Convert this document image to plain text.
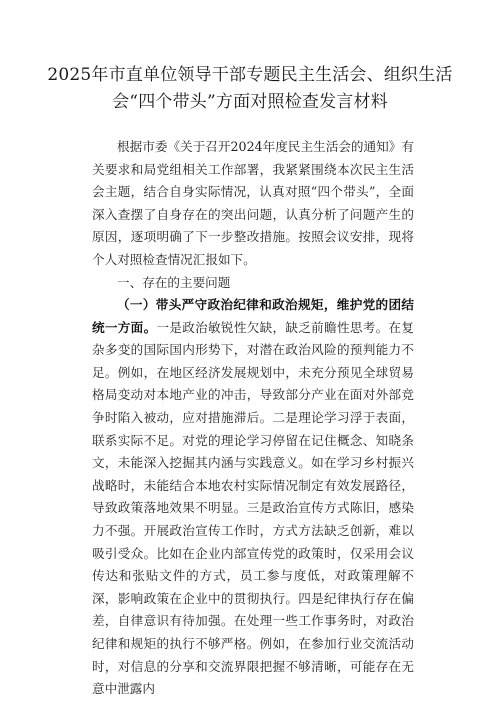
2025年市直单位领导干部专题民主生活会、组织生活
会“四个带头”方面对照检查发言材料

根据市委《关于召开2024年度民主生活会的通知》有关要求和局党组相关工作部署，我紧紧围绕本次民主生活会主题，结合自身实际情况，认真对照“四个带头”，全面深入查摆了自身存在的突出问题，认真分析了问题产生的原因，逐项明确了下一步整改措施。按照会议安排，现将个人对照检查情况汇报如下。

一、存在的主要问题

（一）带头严守政治纪律和政治规矩，维护党的团结统一方面。一是政治敏锐性欠缺，缺乏前瞻性思考。在复杂多变的国际国内形势下，对潜在政治风险的预判能力不足。例如，在地区经济发展规划中，未充分预见全球贸易格局变动对本地产业的冲击，导致部分产业在面对外部竞争时陷入被动，应对措施滞后。二是理论学习浮于表面，联系实际不足。对党的理论学习停留在记住概念、知晓条文，未能深入挖掘其内涵与实践意义。如在学习乡村振兴战略时，未能结合本地农村实际情况制定有效发展路径，导致政策落地效果不明显。三是政治宣传方式陈旧，感染力不强。开展政治宣传工作时，方式方法缺乏创新，难以吸引受众。比如在企业内部宣传党的政策时，仅采用会议传达和张贴文件的方式，员工参与度低，对政策理解不深，影响政策在企业中的贯彻执行。四是纪律执行存在偏差，自律意识有待加强。在处理一些工作事务时，对政治纪律和规矩的执行不够严格。例如，在参加行业交流活动时，对信息的分享和交流界限把握不够清晰，可能存在无意中泄露内
